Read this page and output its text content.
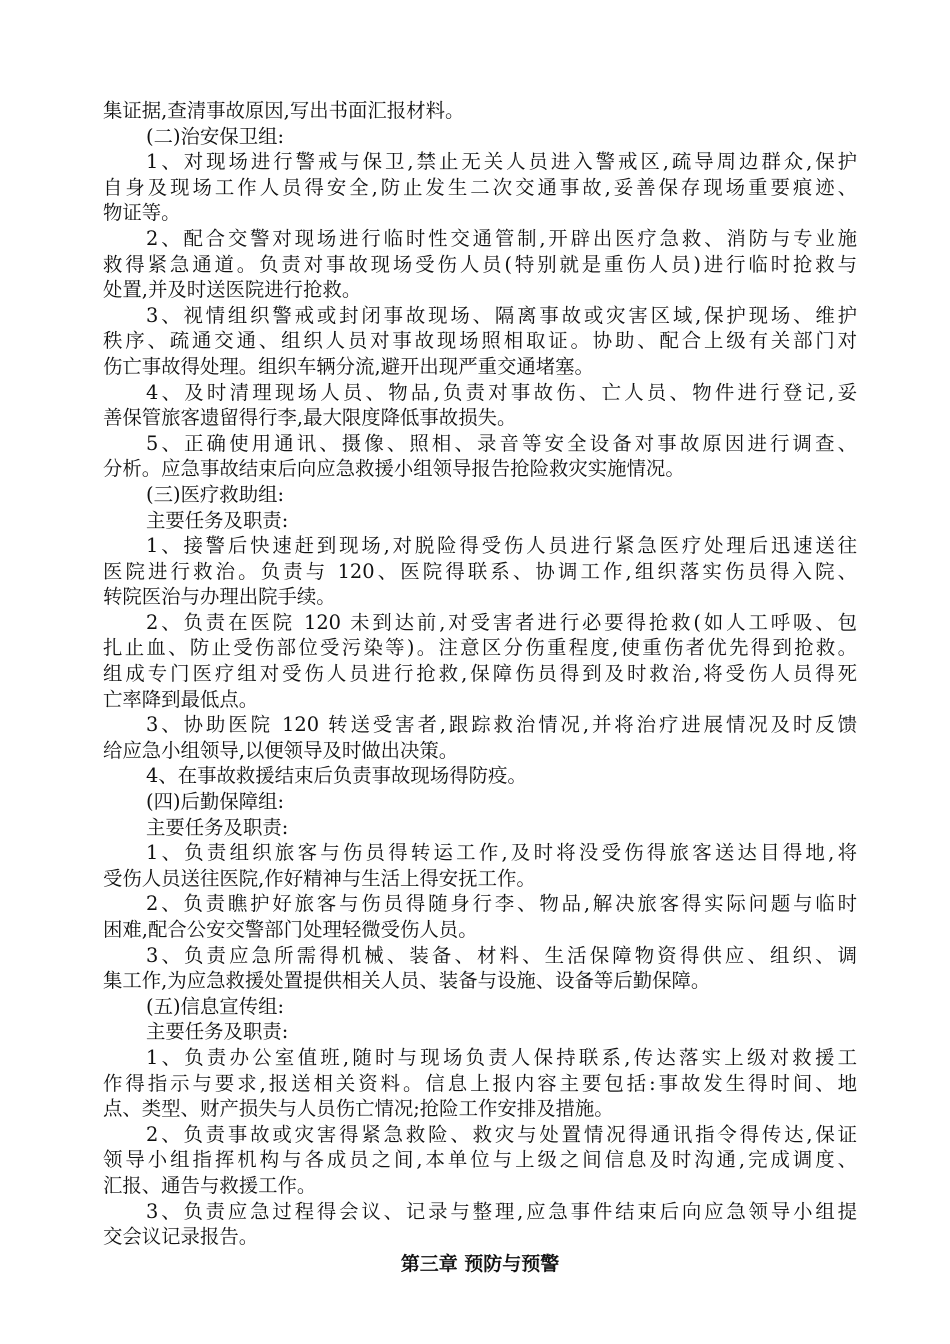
集证据,查清事故原因,写出书面汇报材料。
(二)治安保卫组:
1、对现场进行警戒与保卫,禁止无关人员进入警戒区,疏导周边群众,保护
自身及现场工作人员得安全,防止发生二次交通事故,妥善保存现场重要痕迹、
物证等。
2、配合交警对现场进行临时性交通管制,开辟出医疗急救、消防与专业施
救得紧急通道。负责对事故现场受伤人员(特别就是重伤人员)进行临时抢救与
处置,并及时送医院进行抢救。
3、视情组织警戒或封闭事故现场、隔离事故或灾害区域,保护现场、维护
秩序、疏通交通、组织人员对事故现场照相取证。协助、配合上级有关部门对
伤亡事故得处理。组织车辆分流,避开出现严重交通堵塞。
4、及时清理现场人员、物品,负责对事故伤、亡人员、物件进行登记,妥
善保管旅客遗留得行李,最大限度降低事故损失。
5、正确使用通讯、摄像、照相、录音等安全设备对事故原因进行调查、
分析。应急事故结束后向应急救援小组领导报告抢险救灾实施情况。
(三)医疗救助组:
主要任务及职责:
1、接警后快速赶到现场,对脱险得受伤人员进行紧急医疗处理后迅速送往
医院进行救治。负责与 120、医院得联系、协调工作,组织落实伤员得入院、
转院医治与办理出院手续。
2、负责在医院 120 未到达前,对受害者进行必要得抢救(如人工呼吸、包
扎止血、防止受伤部位受污染等)。注意区分伤重程度,使重伤者优先得到抢救。
组成专门医疗组对受伤人员进行抢救,保障伤员得到及时救治,将受伤人员得死
亡率降到最低点。
3、协助医院 120 转送受害者,跟踪救治情况,并将治疗进展情况及时反馈
给应急小组领导,以便领导及时做出决策。
4、在事故救援结束后负责事故现场得防疫。
(四)后勤保障组:
主要任务及职责:
1、负责组织旅客与伤员得转运工作,及时将没受伤得旅客送达目得地,将
受伤人员送往医院,作好精神与生活上得安抚工作。
2、负责瞧护好旅客与伤员得随身行李、物品,解决旅客得实际问题与临时
困难,配合公安交警部门处理轻微受伤人员。
3、负责应急所需得机械、装备、材料、生活保障物资得供应、组织、调
集工作,为应急救援处置提供相关人员、装备与设施、设备等后勤保障。
(五)信息宣传组:
主要任务及职责:
1、负责办公室值班,随时与现场负责人保持联系,传达落实上级对救援工
作得指示与要求,报送相关资料。信息上报内容主要包括:事故发生得时间、地
点、类型、财产损失与人员伤亡情况;抢险工作安排及措施。
2、负责事故或灾害得紧急救险、救灾与处置情况得通讯指令得传达,保证
领导小组指挥机构与各成员之间,本单位与上级之间信息及时沟通,完成调度、
汇报、通告与救援工作。
3、负责应急过程得会议、记录与整理,应急事件结束后向应急领导小组提
交会议记录报告。
第三章 预防与预警
